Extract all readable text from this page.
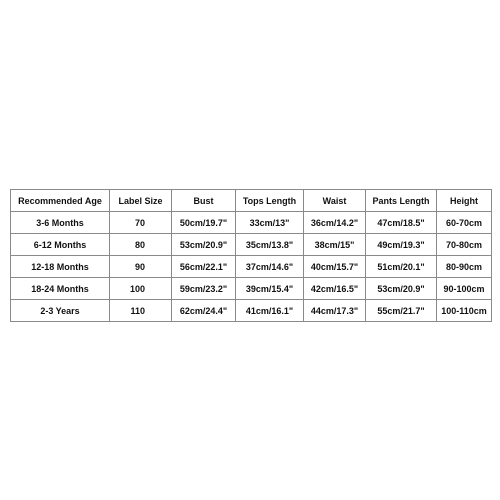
Recommended Age	Label Size	Bust	Tops Length	Waist	Pants Length	Height
3-6 Months	70	50cm/19.7"	33cm/13"	36cm/14.2"	47cm/18.5"	60-70cm
6-12 Months	80	53cm/20.9"	35cm/13.8"	38cm/15"	49cm/19.3"	70-80cm
12-18 Months	90	56cm/22.1"	37cm/14.6"	40cm/15.7"	51cm/20.1"	80-90cm
18-24 Months	100	59cm/23.2"	39cm/15.4"	42cm/16.5"	53cm/20.9"	90-100cm
2-3 Years	110	62cm/24.4"	41cm/16.1"	44cm/17.3"	55cm/21.7"	100-110cm
